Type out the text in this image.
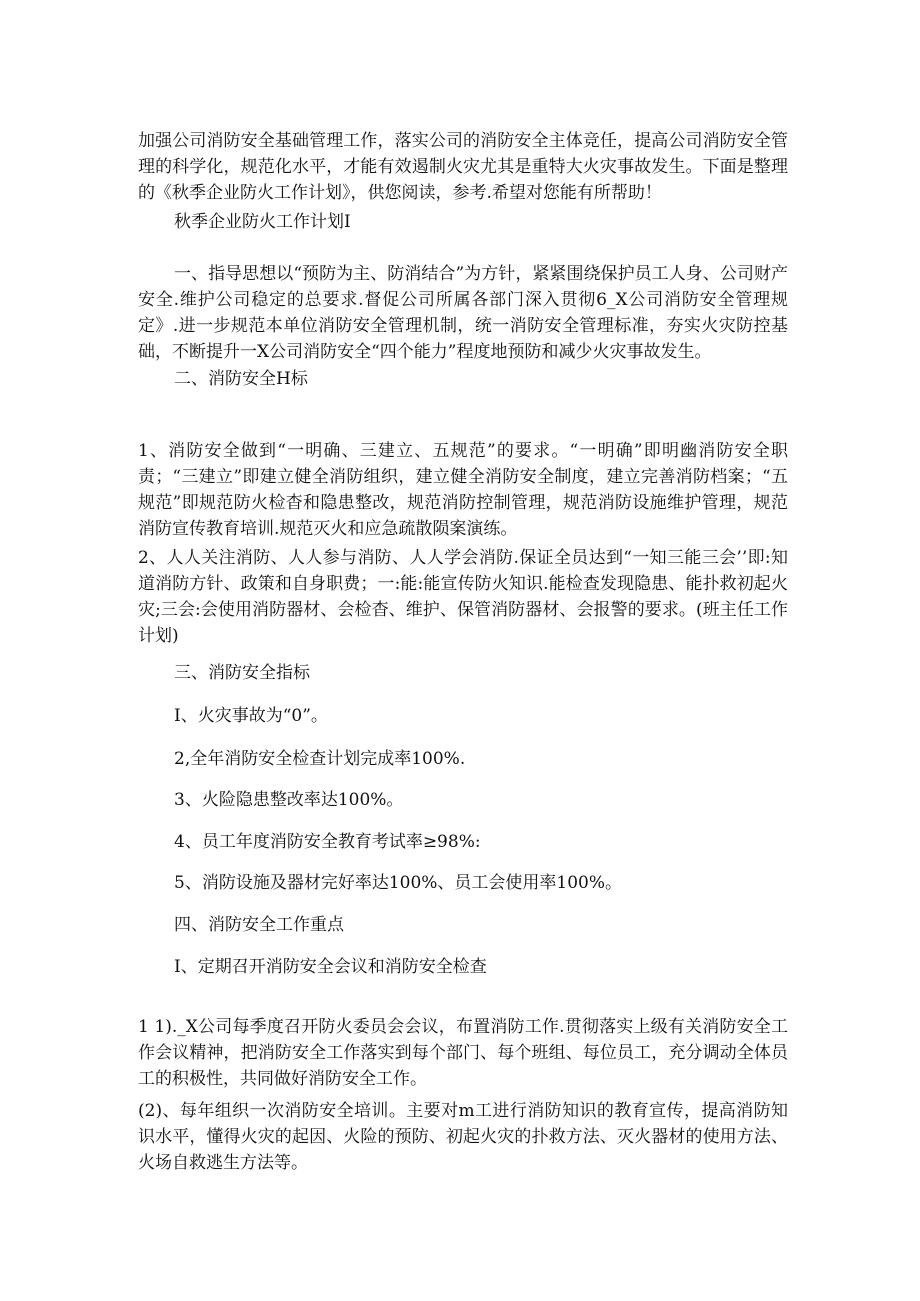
加强公司消防安全基础管理工作，落实公司的消防安全主体竞任，提高公司消防安全管理的科学化，规范化水平，才能有效遏制火灾尤其是重特大火灾事故发生。下面是整理的《秋季企业防火工作计划》，供您阅读，参考.希望对您能有所帮助！

秋季企业防火工作计划I

一、指导思想以“预防为主、防消结合”为方针，紧紧围绕保护员工人身、公司财产安全.维护公司稳定的总要求.督促公司所属各部门深入贯彻6_X公司消防安全管理规定》.进一步规范本单位消防安全管理机制，统一消防安全管理标准，夯实火灾防控基础，不断提升一X公司消防安全“四个能力”程度地预防和减少火灾事故发生。

二、消防安全H标

1、消防安全做到“一明确、三建立、五规范”的要求。“一明确”即明幽消防安全职责；“三建立”即建立健全消防组织，建立健全消防安全制度，建立完善消防档案；“五规范”即规范防火检杳和隐患整改，规范消防控制管理，规范消防设施维护管理，规范消防宣传教育培训.规范灭火和应急疏散陨案演练。

2、人人关注消防、人人参与消防、人人学会消防.保证全员达到“一知三能三会’’即:知道消防方针、政策和自身职费；一:能:能宣传防火知识.能检查发现隐患、能扑救初起火灾;三会:会使用消防器材、会检杳、维护、保管消防器材、会报警的要求。(班主任工作计划)

三、消防安全指标

I、火灾事故为“0”。

2,全年消防安全检查计划完成率100%.

3、火险隐患整改率达100%。

4、员工年度消防安全教育考试率≥98%:

5、消防设施及器材完好率达100%、员工会使用率100%。

四、消防安全工作重点

I、定期召开消防安全会议和消防安全检查

1 1)._X公司每季度召开防火委员会会议，布置消防工作.贯彻落实上级有关消防安全工作会议精神，把消防安全工作落实到每个部门、每个班组、每位员工，充分调动全体员工的积极性，共同做好消防安全工作。

(2)、每年组织一次消防安全培训。主要对m工进行消防知识的教育宣传，提高消防知识水平，懂得火灾的起因、火险的预防、初起火灾的扑救方法、灭火器材的使用方法、火场自救逃生方法等。
